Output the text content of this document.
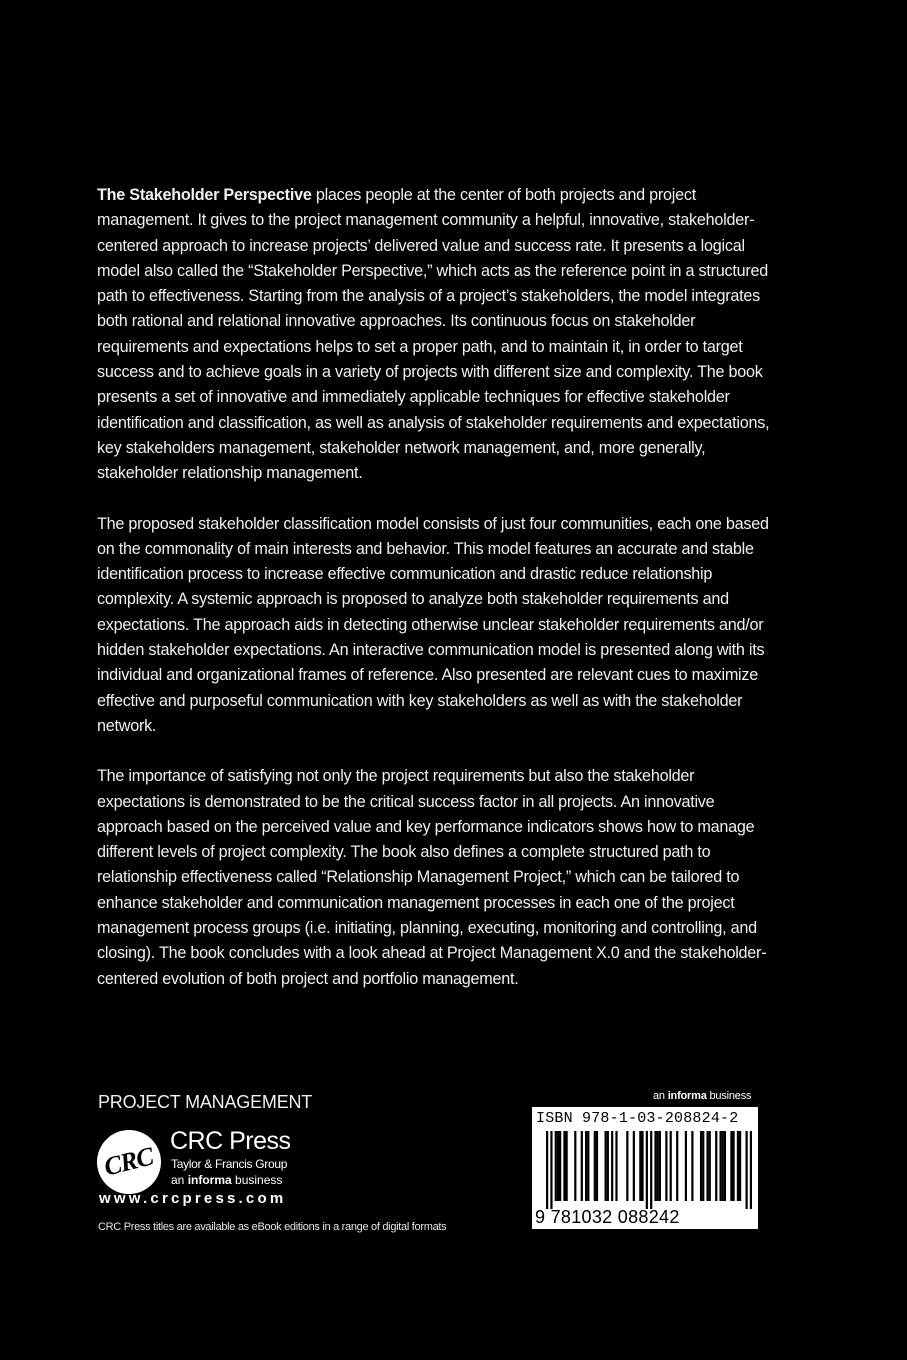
The Stakeholder Perspective places people at the center of both projects and project management. It gives to the project management community a helpful, innovative, stakeholder-centered approach to increase projects’ delivered value and success rate. It presents a logical model also called the “Stakeholder Perspective,” which acts as the reference point in a structured path to effectiveness. Starting from the analysis of a project’s stakeholders, the model integrates both rational and relational innovative approaches. Its continuous focus on stakeholder requirements and expectations helps to set a proper path, and to maintain it, in order to target success and to achieve goals in a variety of projects with different size and complexity. The book presents a set of innovative and immediately applicable techniques for effective stakeholder identification and classification, as well as analysis of stakeholder requirements and expectations, key stakeholders management, stakeholder network management, and, more generally, stakeholder relationship management.

The proposed stakeholder classification model consists of just four communities, each one based on the commonality of main interests and behavior. This model features an accurate and stable identification process to increase effective communication and drastic reduce relationship complexity. A systemic approach is proposed to analyze both stakeholder requirements and expectations. The approach aids in detecting otherwise unclear stakeholder requirements and/or hidden stakeholder expectations. An interactive communication model is presented along with its individual and organizational frames of reference. Also presented are relevant cues to maximize effective and purposeful communication with key stakeholders as well as with the stakeholder network.

The importance of satisfying not only the project requirements but also the stakeholder expectations is demonstrated to be the critical success factor in all projects. An innovative approach based on the perceived value and key performance indicators shows how to manage different levels of project complexity. The book also defines a complete structured path to relationship effectiveness called “Relationship Management Project,” which can be tailored to enhance stakeholder and communication management processes in each one of the project management process groups (i.e. initiating, planning, executing, monitoring and controlling, and closing). The book concludes with a look ahead at Project Management X.0 and the stakeholder-centered evolution of both project and portfolio management.

PROJECT MANAGEMENT
CRC
CRC Press
Taylor & Francis Group
an informa business
www.crcpress.com
CRC Press titles are available as eBook editions in a range of digital formats
an informa business
ISBN 978-1-03-208824-2
9 781032 088242
